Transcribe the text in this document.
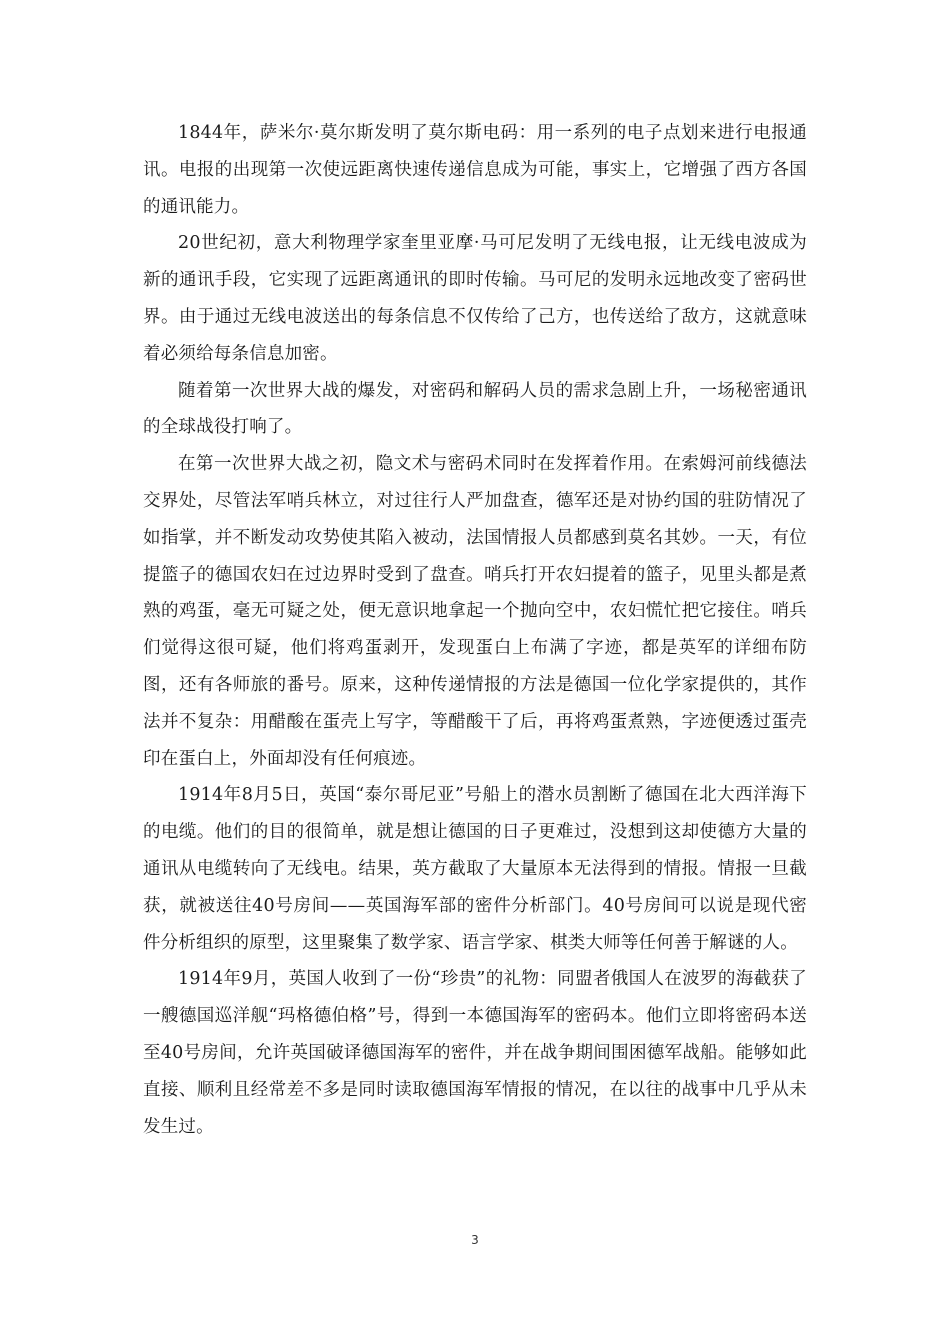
1844年，萨米尔·莫尔斯发明了莫尔斯电码：用一系列的电子点划来进行电报通讯。电报的出现第一次使远距离快速传递信息成为可能，事实上，它增强了西方各国的通讯能力。

20世纪初，意大利物理学家奎里亚摩·马可尼发明了无线电报，让无线电波成为新的通讯手段，它实现了远距离通讯的即时传输。马可尼的发明永远地改变了密码世界。由于通过无线电波送出的每条信息不仅传给了己方，也传送给了敌方，这就意味着必须给每条信息加密。

随着第一次世界大战的爆发，对密码和解码人员的需求急剧上升，一场秘密通讯的全球战役打响了。

在第一次世界大战之初，隐文术与密码术同时在发挥着作用。在索姆河前线德法交界处，尽管法军哨兵林立，对过往行人严加盘查，德军还是对协约国的驻防情况了如指掌，并不断发动攻势使其陷入被动，法国情报人员都感到莫名其妙。一天，有位提篮子的德国农妇在过边界时受到了盘查。哨兵打开农妇提着的篮子，见里头都是煮熟的鸡蛋，毫无可疑之处，便无意识地拿起一个抛向空中，农妇慌忙把它接住。哨兵们觉得这很可疑，他们将鸡蛋剥开，发现蛋白上布满了字迹，都是英军的详细布防图，还有各师旅的番号。原来，这种传递情报的方法是德国一位化学家提供的，其作法并不复杂：用醋酸在蛋壳上写字，等醋酸干了后，再将鸡蛋煮熟，字迹便透过蛋壳印在蛋白上，外面却没有任何痕迹。

1914年8月5日，英国“泰尔哥尼亚”号船上的潜水员割断了德国在北大西洋海下的电缆。他们的目的很简单，就是想让德国的日子更难过，没想到这却使德方大量的通讯从电缆转向了无线电。结果，英方截取了大量原本无法得到的情报。情报一旦截获，就被送往40号房间——英国海军部的密件分析部门。40号房间可以说是现代密件分析组织的原型，这里聚集了数学家、语言学家、棋类大师等任何善于解谜的人。

1914年9月，英国人收到了一份“珍贵”的礼物：同盟者俄国人在波罗的海截获了一艘德国巡洋舰“玛格德伯格”号，得到一本德国海军的密码本。他们立即将密码本送至40号房间，允许英国破译德国海军的密件，并在战争期间围困德军战船。能够如此直接、顺利且经常差不多是同时读取德国海军情报的情况，在以往的战事中几乎从未发生过。

3
